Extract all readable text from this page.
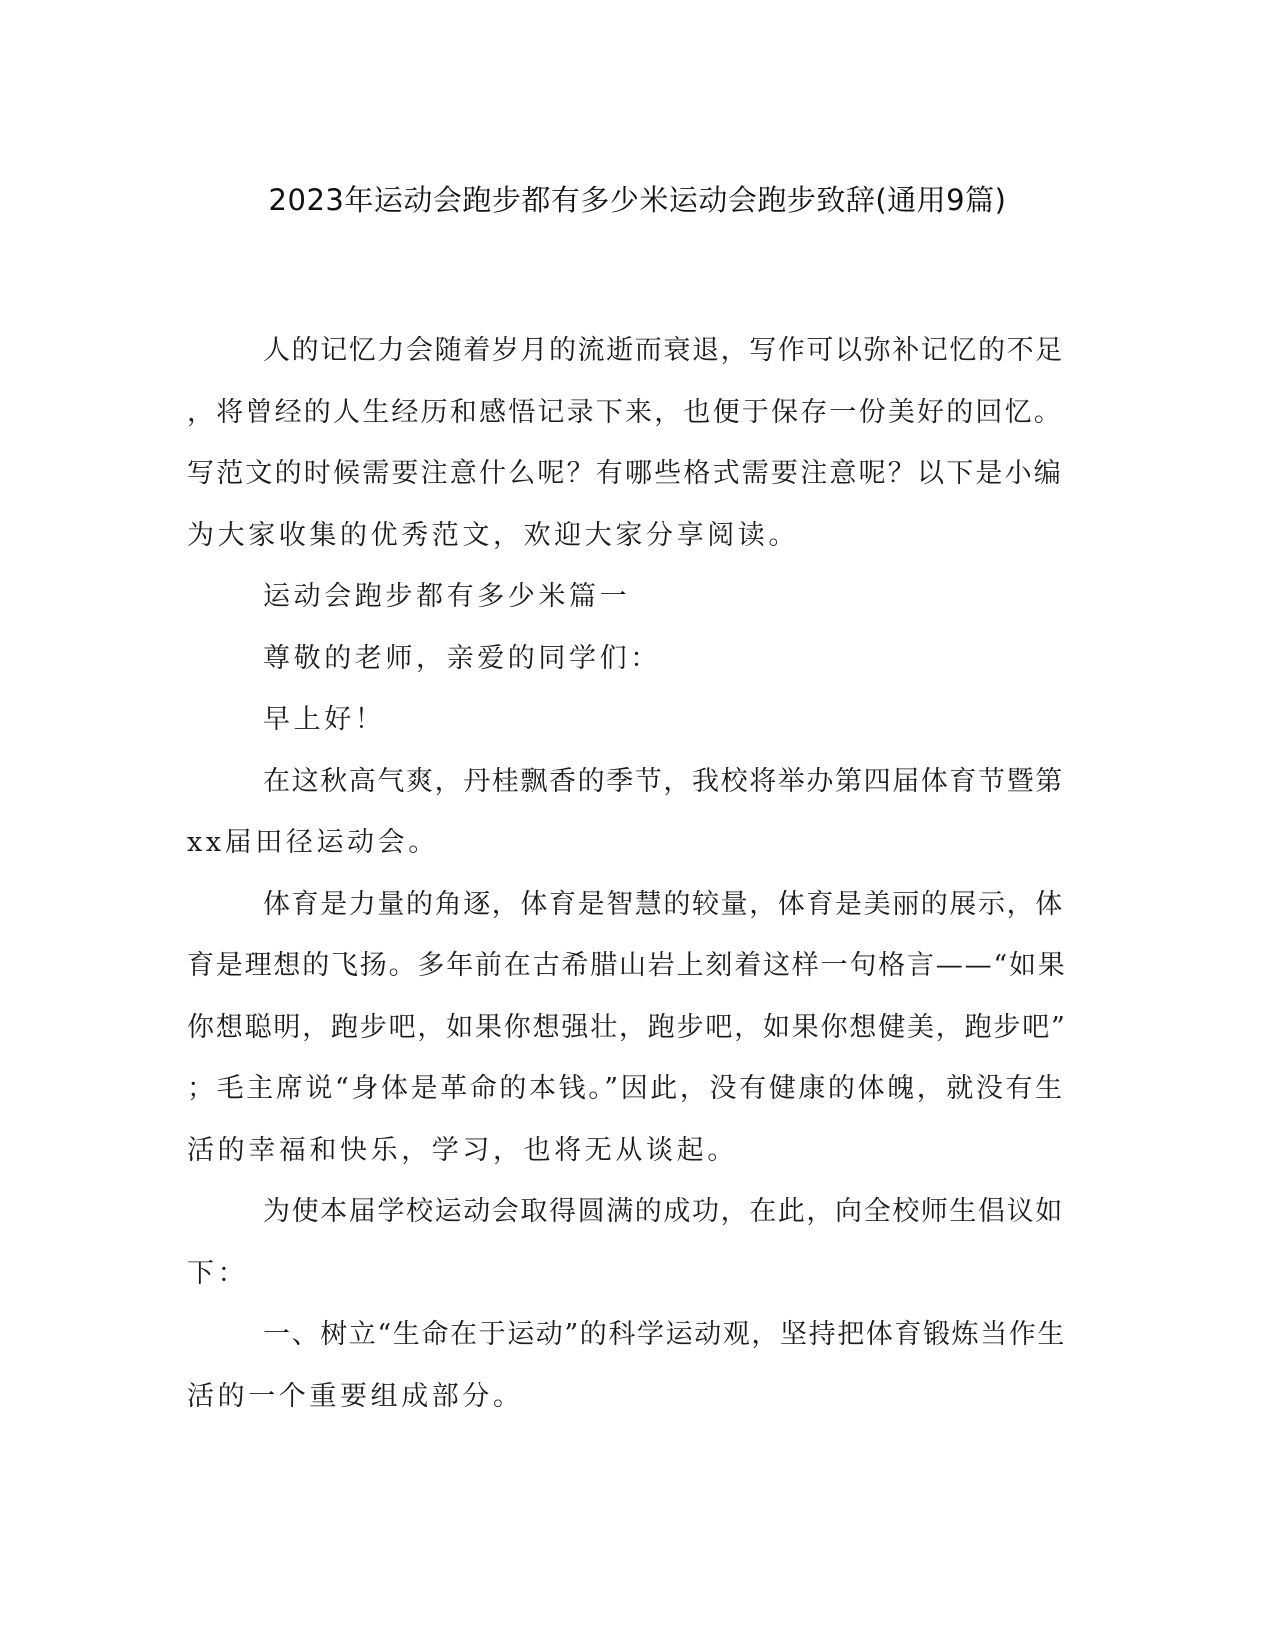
2023年运动会跑步都有多少米运动会跑步致辞(通用9篇)
人的记忆力会随着岁月的流逝而衰退，写作可以弥补记忆的不足
，将曾经的人生经历和感悟记录下来，也便于保存一份美好的回忆。
写范文的时候需要注意什么呢？有哪些格式需要注意呢？以下是小编
为大家收集的优秀范文，欢迎大家分享阅读。
运动会跑步都有多少米篇一
尊敬的老师，亲爱的同学们：
早上好！
在这秋高气爽，丹桂飘香的季节，我校将举办第四届体育节暨第
xx届田径运动会。
体育是力量的角逐，体育是智慧的较量，体育是美丽的展示，体
育是理想的飞扬。多年前在古希腊山岩上刻着这样一句格言——“如果
你想聪明，跑步吧，如果你想强壮，跑步吧，如果你想健美，跑步吧”
；毛主席说“身体是革命的本钱。”因此，没有健康的体魄，就没有生
活的幸福和快乐，学习，也将无从谈起。
为使本届学校运动会取得圆满的成功，在此，向全校师生倡议如
下：
一、树立“生命在于运动”的科学运动观，坚持把体育锻炼当作生
活的一个重要组成部分。
